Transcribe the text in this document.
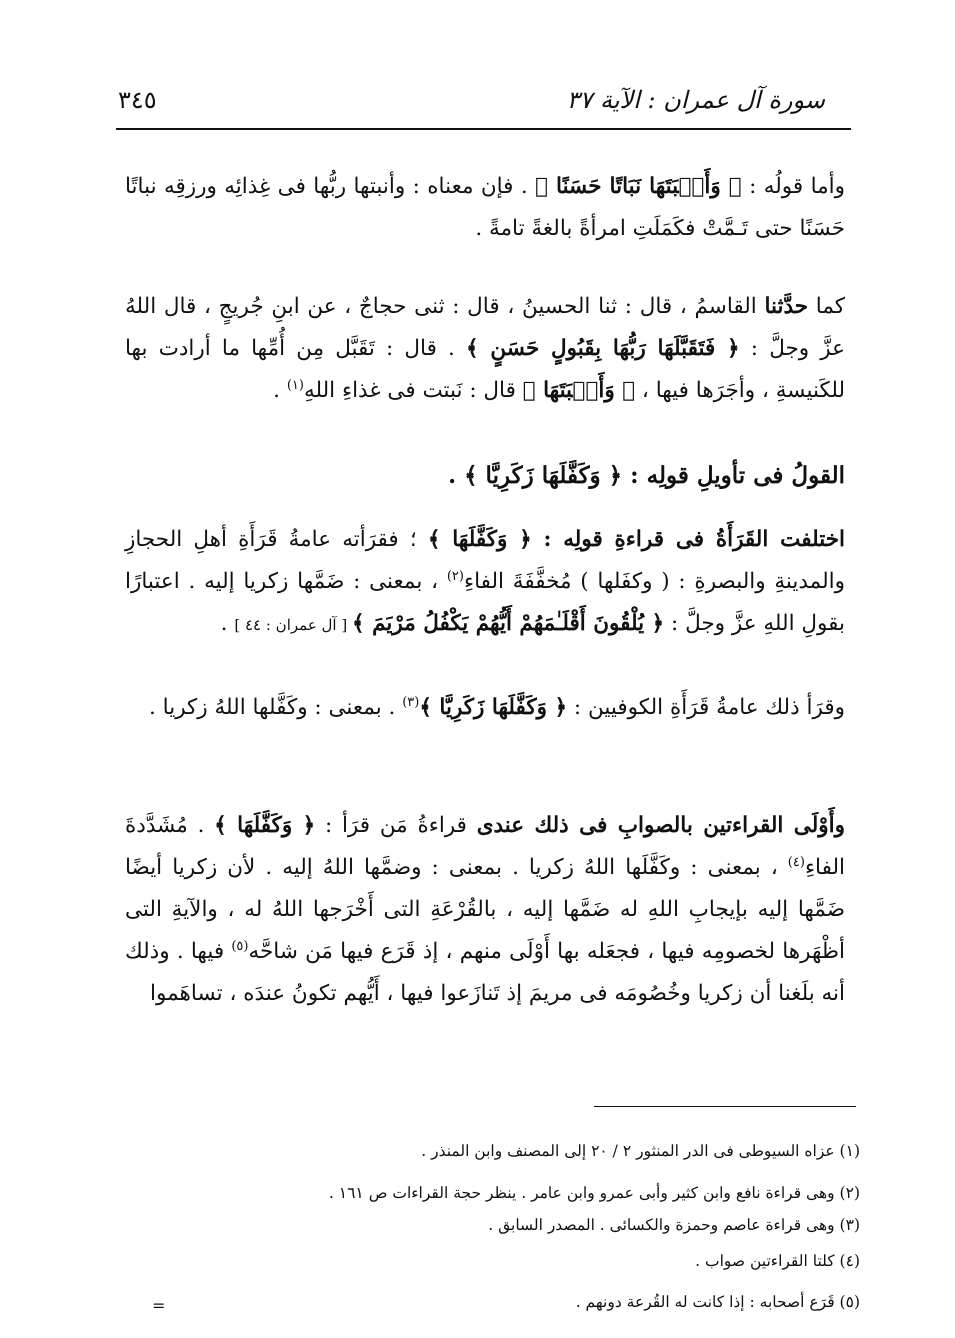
٣٤٥	سورة آل عمران : الآية ٣٧

وأما قولُه : ﴿ وَأَنۢبَتَهَا نَبَاتًا حَسَنًا ﴾ . فإن معناه : وأنبتها ربُّها فى غِذائِه ورزقِه نباتًا حَسَنًا حتى تَـمَّتْ فكَمَلَتِ امرأةً بالغةً تامةً .

كما حدَّثنا القاسمُ ، قال : ثنا الحسينُ ، قال : ثنى حجاجٌ ، عن ابنِ جُريجٍ ، قال اللهُ عزَّ وجلَّ : ﴿ فَتَقَبَّلَهَا رَبُّهَا بِقَبُولٍ حَسَنٍ ﴾ . قال : تَقَبَّل مِن أُمِّها ما أرادت بها للكَنيسةِ ، وأجَرَها فيها ، ﴿ وَأَنۢبَتَهَا ﴾ قال : نَبتت فى غذاءِ اللهِ$^{(١)}$ .

القولُ فى تأويلِ قولِه : ﴿ وَكَفَّلَهَا زَكَرِيَّا ﴾ .

اختلفت القَرَأَةُ فى قراءةِ قولِه : ﴿ وَكَفَّلَهَا ﴾ ؛ فقرَأته عامةُ قَرَأَةِ أهلِ الحجازِ والمدينةِ والبصرةِ : ( وكفَلها ) مُخفَّفَةَ الفاءِ$^{(٢)}$ ، بمعنى : ضَمَّها زكريا إليه . اعتبارًا بقولِ اللهِ عزَّ وجلَّ : ﴿ يُلْقُونَ أَقْلَـٰمَهُمْ أَيُّهُمْ يَكْفُلُ مَرْيَمَ ﴾ [ آل عمران : ٤٤ ] .

وقرَأ ذلك عامةُ قَرَأَةِ الكوفيين : ﴿ وَكَفَّلَهَا زَكَرِيَّا ﴾$^{(٣)}$ . بمعنى : وكَفَّلها اللهُ زكريا .

وأَوْلَى القراءتين بالصوابِ فى ذلك عندى قراءةُ مَن قرَأ : ﴿ وَكَفَّلَهَا ﴾ . مُشَدَّدةَ الفاءِ$^{(٤)}$ ، بمعنى : وكَفَّلَها اللهُ زكريا . بمعنى : وضمَّها اللهُ إليه . لأن زكريا أيضًا ضَمَّها إليه بإيجابِ اللهِ له ضَمَّها إليه ، بالقُرْعَةِ التى أَخْرَجها اللهُ له ، والآيةِ التى أظْهَرها لخصومِه فيها ، فجعَله بها أَوْلَى منهم ، إذ قَرَع فيها مَن شاحَّه$^{(٥)}$ فيها . وذلك أنه بلَغنا أن زكريا وخُصُومَه فى مريمَ إذ تَنازَعوا فيها ، أَيُّهم تكونُ عندَه ، تساهَموا

(١) عزاه السيوطى فى الدر المنثور ٢ / ٢٠ إلى المصنف وابن المنذر .

(٢) وهى قراءة نافع وابن كثير وأبى عمرو وابن عامر . ينظر حجة القراءات ص ١٦١ .

(٣) وهى قراءة عاصم وحمزة والكسائى . المصدر السابق .

(٤) كلتا القراءتين صواب .

(٥) قَرَع أصحابه : إذا كانت له القُرعة دونهم .

=
